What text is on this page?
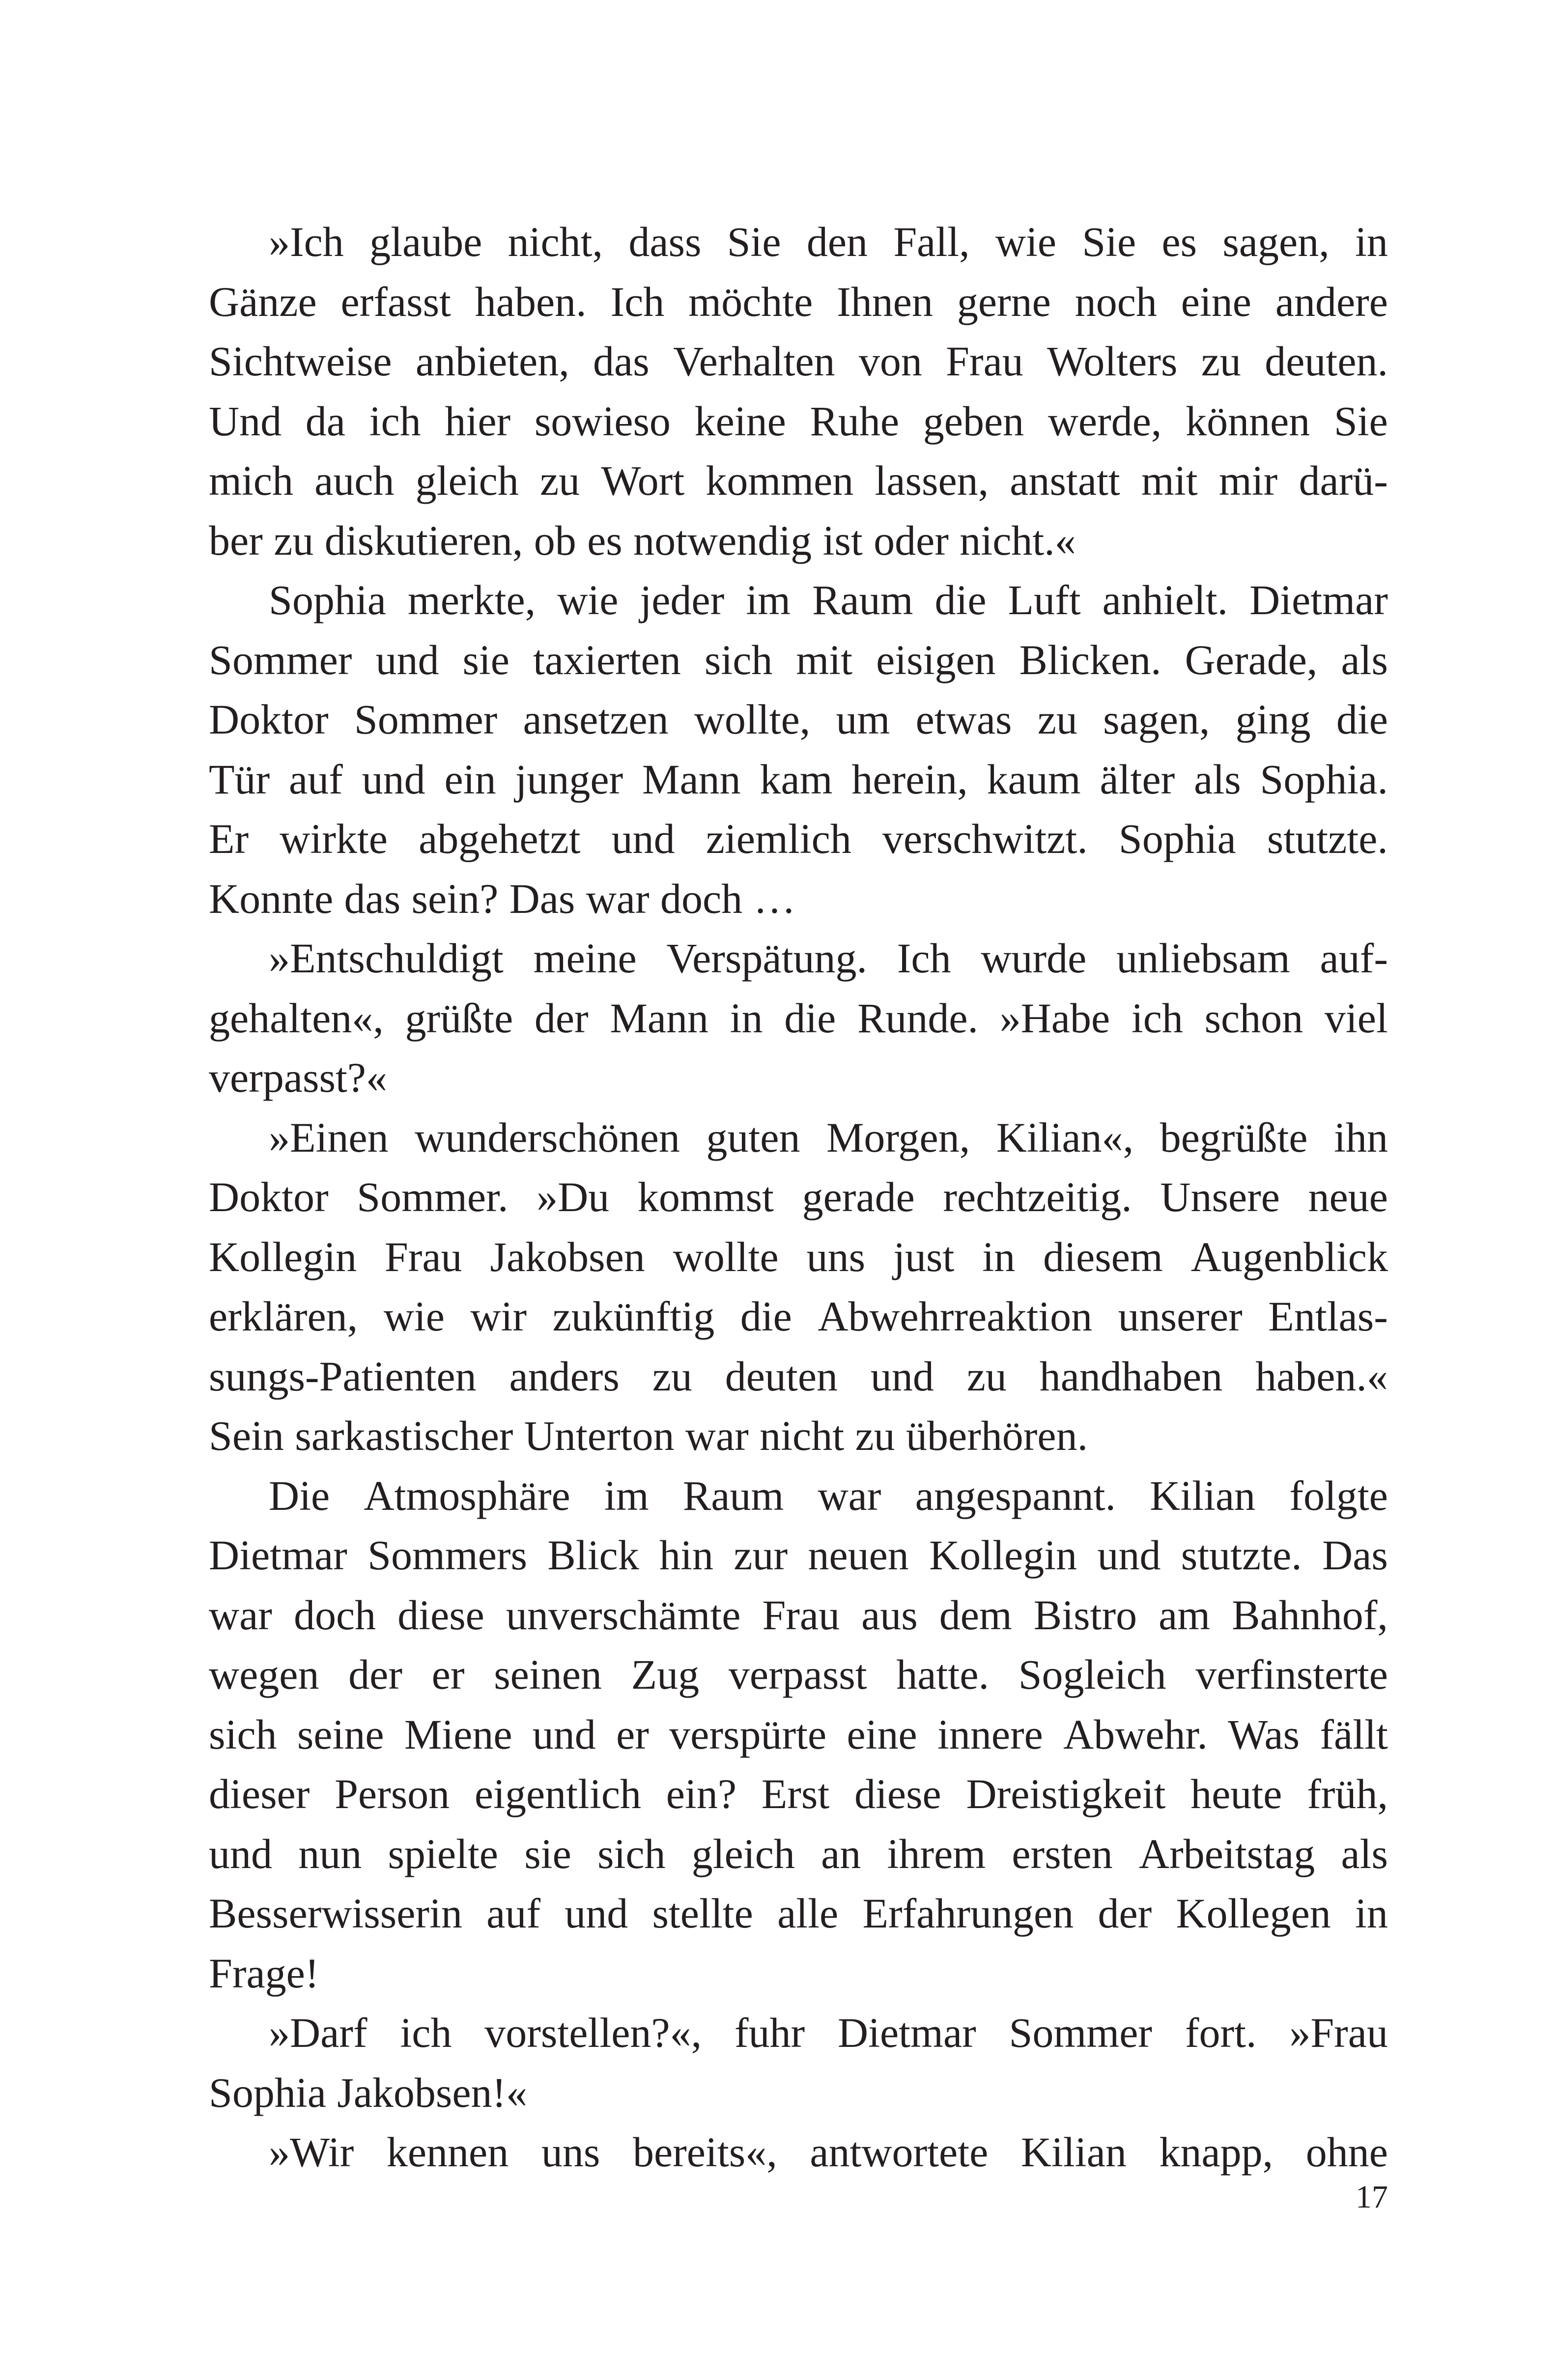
»Ich glaube nicht, dass Sie den Fall, wie Sie es sagen, in
Gänze erfasst haben. Ich möchte Ihnen gerne noch eine andere
Sichtweise anbieten, das Verhalten von Frau Wolters zu deuten.
Und da ich hier sowieso keine Ruhe geben werde, können Sie
mich auch gleich zu Wort kommen lassen, anstatt mit mir darü-
ber zu diskutieren, ob es notwendig ist oder nicht.«
Sophia merkte, wie jeder im Raum die Luft anhielt. Dietmar
Sommer und sie taxierten sich mit eisigen Blicken. Gerade, als
Doktor Sommer ansetzen wollte, um etwas zu sagen, ging die
Tür auf und ein junger Mann kam herein, kaum älter als Sophia.
Er wirkte abgehetzt und ziemlich verschwitzt. Sophia stutzte.
Konnte das sein? Das war doch …
»Entschuldigt meine Verspätung. Ich wurde unliebsam auf-
gehalten«, grüßte der Mann in die Runde. »Habe ich schon viel
verpasst?«
»Einen wunderschönen guten Morgen, Kilian«, begrüßte ihn
Doktor Sommer. »Du kommst gerade rechtzeitig. Unsere neue
Kollegin Frau Jakobsen wollte uns just in diesem Augenblick
erklären, wie wir zukünftig die Abwehrreaktion unserer Entlas-
sungs-Patienten anders zu deuten und zu handhaben haben.«
Sein sarkastischer Unterton war nicht zu überhören.
Die Atmosphäre im Raum war angespannt. Kilian folgte
Dietmar Sommers Blick hin zur neuen Kollegin und stutzte. Das
war doch diese unverschämte Frau aus dem Bistro am Bahnhof,
wegen der er seinen Zug verpasst hatte. Sogleich verfinsterte
sich seine Miene und er verspürte eine innere Abwehr. Was fällt
dieser Person eigentlich ein? Erst diese Dreistigkeit heute früh,
und nun spielte sie sich gleich an ihrem ersten Arbeitstag als
Besserwisserin auf und stellte alle Erfahrungen der Kollegen in
Frage!
»Darf ich vorstellen?«, fuhr Dietmar Sommer fort. »Frau
Sophia Jakobsen!«
»Wir kennen uns bereits«, antwortete Kilian knapp, ohne
17
